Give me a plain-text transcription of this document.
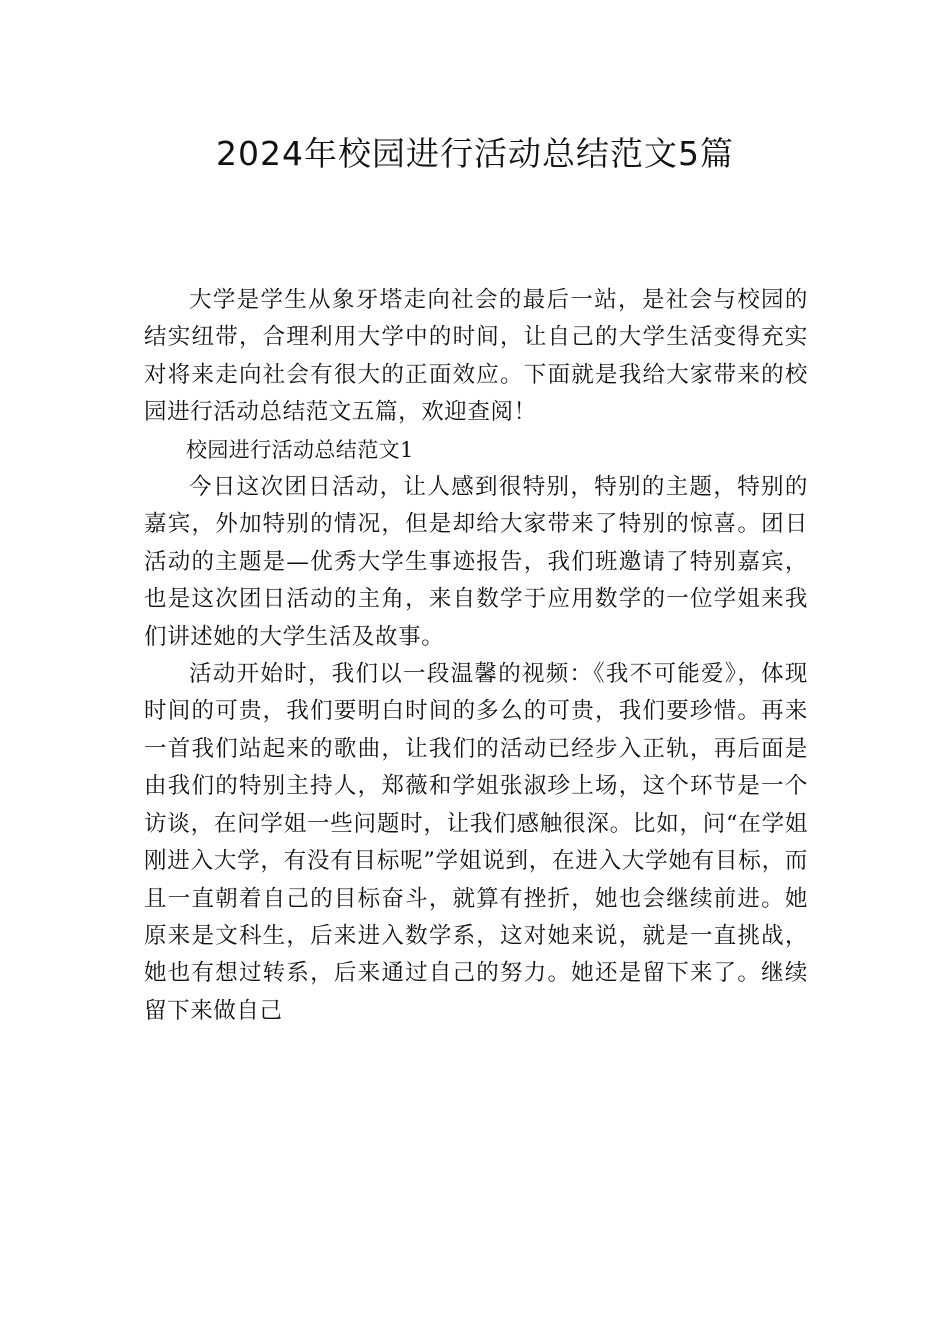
2024年校园进行活动总结范文5篇

大学是学生从象牙塔走向社会的最后一站，是社会与校园的结实纽带，合理利用大学中的时间，让自己的大学生活变得充实对将来走向社会有很大的正面效应。下面就是我给大家带来的校园进行活动总结范文五篇，欢迎查阅！

校园进行活动总结范文1

今日这次团日活动，让人感到很特别，特别的主题，特别的嘉宾，外加特别的情况，但是却给大家带来了特别的惊喜。团日活动的主题是—优秀大学生事迹报告，我们班邀请了特别嘉宾，也是这次团日活动的主角，来自数学于应用数学的一位学姐来我们讲述她的大学生活及故事。

活动开始时，我们以一段温馨的视频：《我不可能爱》，体现时间的可贵，我们要明白时间的多么的可贵，我们要珍惜。再来一首我们站起来的歌曲，让我们的活动已经步入正轨，再后面是由我们的特别主持人，郑薇和学姐张淑珍上场，这个环节是一个访谈，在问学姐一些问题时，让我们感触很深。比如，问“在学姐刚进入大学，有没有目标呢”学姐说到，在进入大学她有目标，而且一直朝着自己的目标奋斗，就算有挫折，她也会继续前进。她原来是文科生，后来进入数学系，这对她来说，就是一直挑战，她也有想过转系，后来通过自己的努力。她还是留下来了。继续留下来做自己
